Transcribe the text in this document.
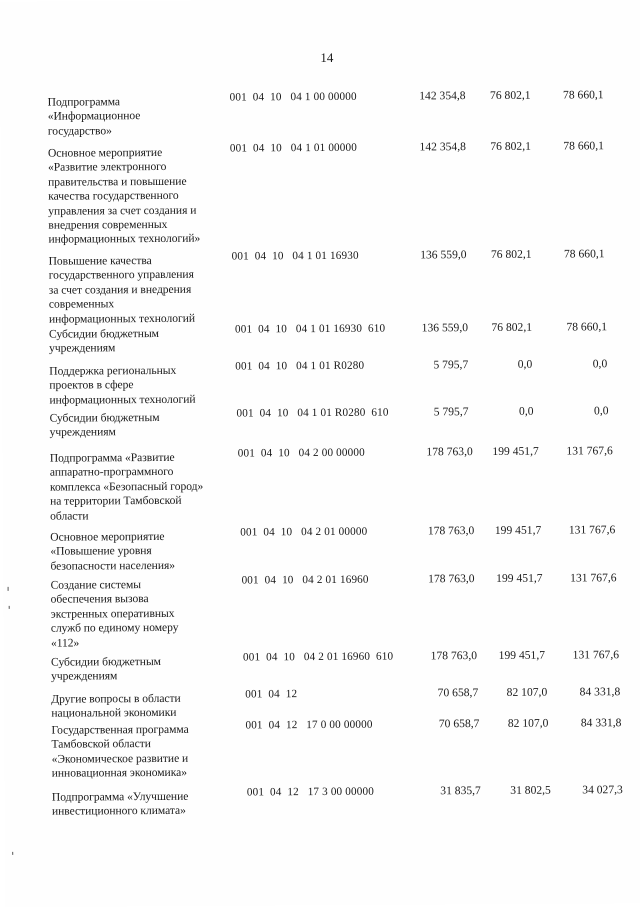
14
Подпрограмма
«Информационное
государство»
001  04  10   04 1 00 00000	142 354,8	76 802,1	78 660,1
Основное мероприятие
«Развитие электронного
правительства и повышение
качества государственного
управления за счет создания и
внедрения современных
информационных технологий»
001  04  10   04 1 01 00000	142 354,8	76 802,1	78 660,1
Повышение качества
государственного управления
за счет создания и внедрения
современных
информационных технологий
001  04  10   04 1 01 16930	136 559,0	76 802,1	78 660,1
Субсидии бюджетным
учреждениям
001  04  10   04 1 01 16930  610	136 559,0	76 802,1	78 660,1
Поддержка региональных
проектов в сфере
информационных технологий
001  04  10   04 1 01 R0280	5 795,7	0,0	0,0
Субсидии бюджетным
учреждениям
001  04  10   04 1 01 R0280  610	5 795,7	0,0	0,0
Подпрограмма «Развитие
аппаратно-программного
комплекса «Безопасный город»
на территории Тамбовской
области
001  04  10   04 2 00 00000	178 763,0	199 451,7	131 767,6
Основное мероприятие
«Повышение уровня
безопасности населения»
001  04  10   04 2 01 00000	178 763,0	199 451,7	131 767,6
Создание системы
обеспечения вызова
экстренных оперативных
служб по единому номеру
«112»
001  04  10   04 2 01 16960	178 763,0	199 451,7	131 767,6
Субсидии бюджетным
учреждениям
001  04  10   04 2 01 16960  610	178 763,0	199 451,7	131 767,6
Другие вопросы в области
национальной экономики
001  04  12	70 658,7	82 107,0	84 331,8
Государственная программа
Тамбовской области
«Экономическое развитие и
инновационная экономика»
001  04  12   17 0 00 00000	70 658,7	82 107,0	84 331,8
Подпрограмма «Улучшение
инвестиционного климата»
001  04  12   17 3 00 00000	31 835,7	31 802,5	34 027,3
